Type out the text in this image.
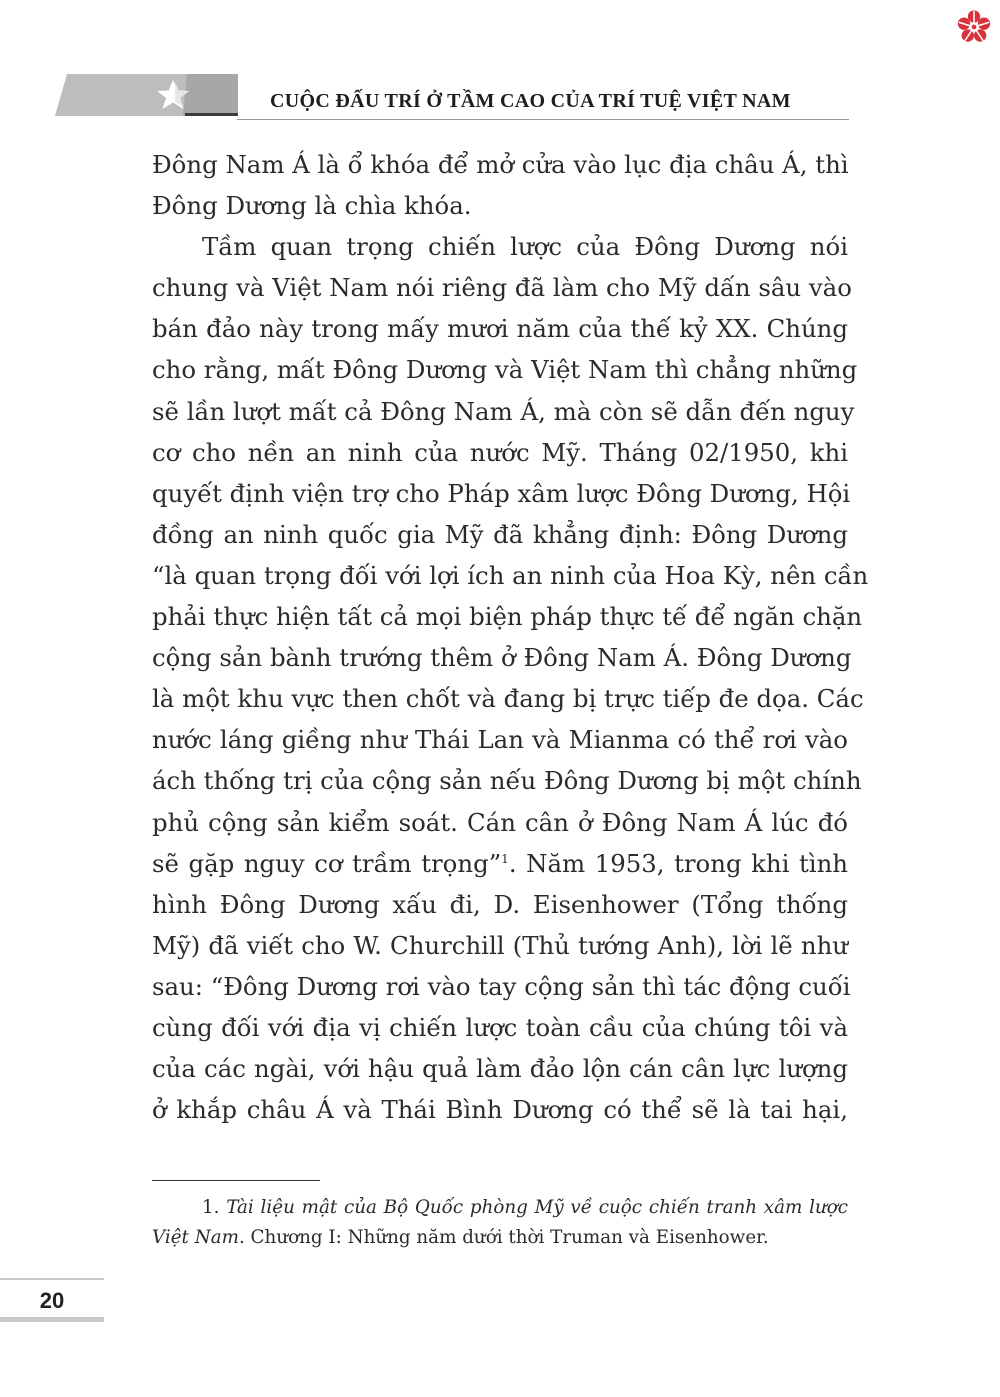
CUỘC ĐẤU TRÍ Ở TẦM CAO CỦA TRÍ TUỆ VIỆT NAM
Đông Nam Á là ổ khóa để mở cửa vào lục địa châu Á, thì
Đông Dương là chìa khóa.
Tầm quan trọng chiến lược của Đông Dương nói
chung và Việt Nam nói riêng đã làm cho Mỹ dấn sâu vào
bán đảo này trong mấy mươi năm của thế kỷ XX. Chúng
cho rằng, mất Đông Dương và Việt Nam thì chẳng những
sẽ lần lượt mất cả Đông Nam Á, mà còn sẽ dẫn đến nguy
cơ cho nền an ninh của nước Mỹ. Tháng 02/1950, khi
quyết định viện trợ cho Pháp xâm lược Đông Dương, Hội
đồng an ninh quốc gia Mỹ đã khẳng định: Đông Dương
“là quan trọng đối với lợi ích an ninh của Hoa Kỳ, nên cần
phải thực hiện tất cả mọi biện pháp thực tế để ngăn chặn
cộng sản bành trướng thêm ở Đông Nam Á. Đông Dương
là một khu vực then chốt và đang bị trực tiếp đe dọa. Các
nước láng giềng như Thái Lan và Mianma có thể rơi vào
ách thống trị của cộng sản nếu Đông Dương bị một chính
phủ cộng sản kiểm soát. Cán cân ở Đông Nam Á lúc đó
sẽ gặp nguy cơ trầm trọng”$^1$. Năm 1953, trong khi tình
hình Đông Dương xấu đi, D. Eisenhower (Tổng thống
Mỹ) đã viết cho W. Churchill (Thủ tướng Anh), lời lẽ như
sau: “Đông Dương rơi vào tay cộng sản thì tác động cuối
cùng đối với địa vị chiến lược toàn cầu của chúng tôi và
của các ngài, với hậu quả làm đảo lộn cán cân lực lượng
ở khắp châu Á và Thái Bình Dương có thể sẽ là tai hại,
1. Tài liệu mật của Bộ Quốc phòng Mỹ về cuộc chiến tranh xâm lược
Việt Nam. Chương I: Những năm dưới thời Truman và Eisenhower.
20
